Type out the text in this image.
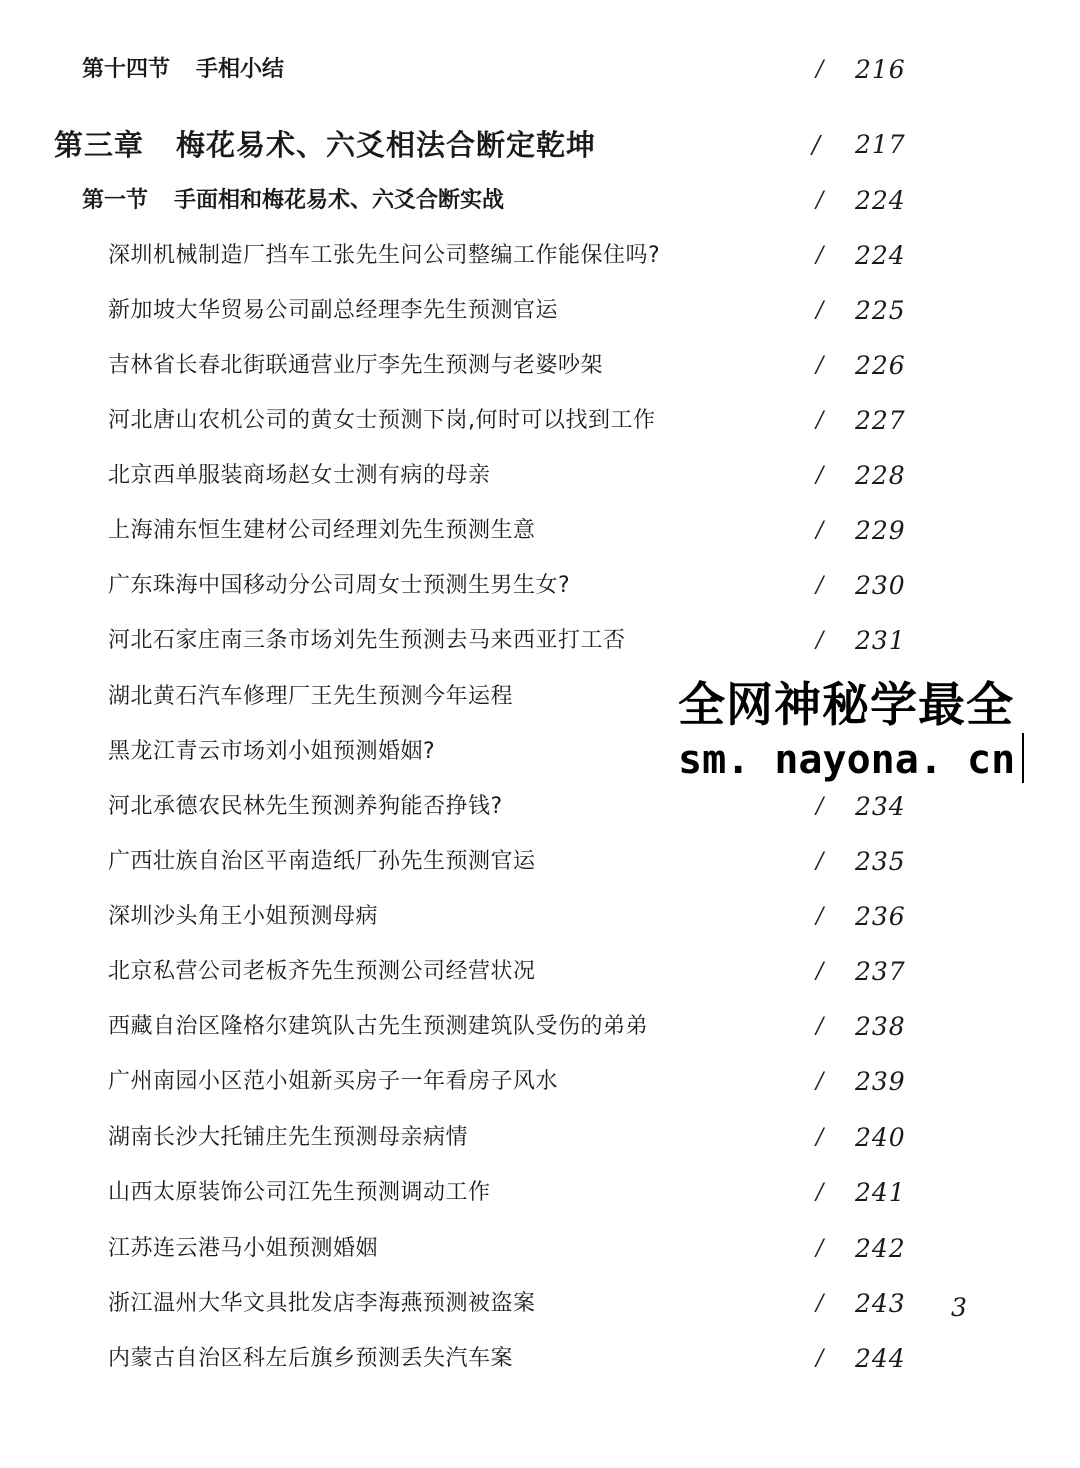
第十四节 手相小结	/ 216
第三章 梅花易术、六爻相法合断定乾坤	/ 217
第一节 手面相和梅花易术、六爻合断实战	/ 224
深圳机械制造厂挡车工张先生问公司整编工作能保住吗?	/ 224
新加坡大华贸易公司副总经理李先生预测官运	/ 225
吉林省长春北街联通营业厅李先生预测与老婆吵架	/ 226
河北唐山农机公司的黄女士预测下岗,何时可以找到工作	/ 227
北京西单服装商场赵女士测有病的母亲	/ 228
上海浦东恒生建材公司经理刘先生预测生意	/ 229
广东珠海中国移动分公司周女士预测生男生女?	/ 230
河北石家庄南三条市场刘先生预测去马来西亚打工否	/ 231
湖北黄石汽车修理厂王先生预测今年运程
黑龙江青云市场刘小姐预测婚姻?
河北承德农民林先生预测养狗能否挣钱?	/ 234
广西壮族自治区平南造纸厂孙先生预测官运	/ 235
深圳沙头角王小姐预测母病	/ 236
北京私营公司老板齐先生预测公司经营状况	/ 237
西藏自治区隆格尔建筑队古先生预测建筑队受伤的弟弟	/ 238
广州南园小区范小姐新买房子一年看房子风水	/ 239
湖南长沙大托铺庄先生预测母亲病情	/ 240
山西太原装饰公司江先生预测调动工作	/ 241
江苏连云港马小姐预测婚姻	/ 242
浙江温州大华文具批发店李海燕预测被盗案	/ 243
内蒙古自治区科左后旗乡预测丢失汽车案	/ 244
全网神秘学最全
sm. nayona. cn
3
